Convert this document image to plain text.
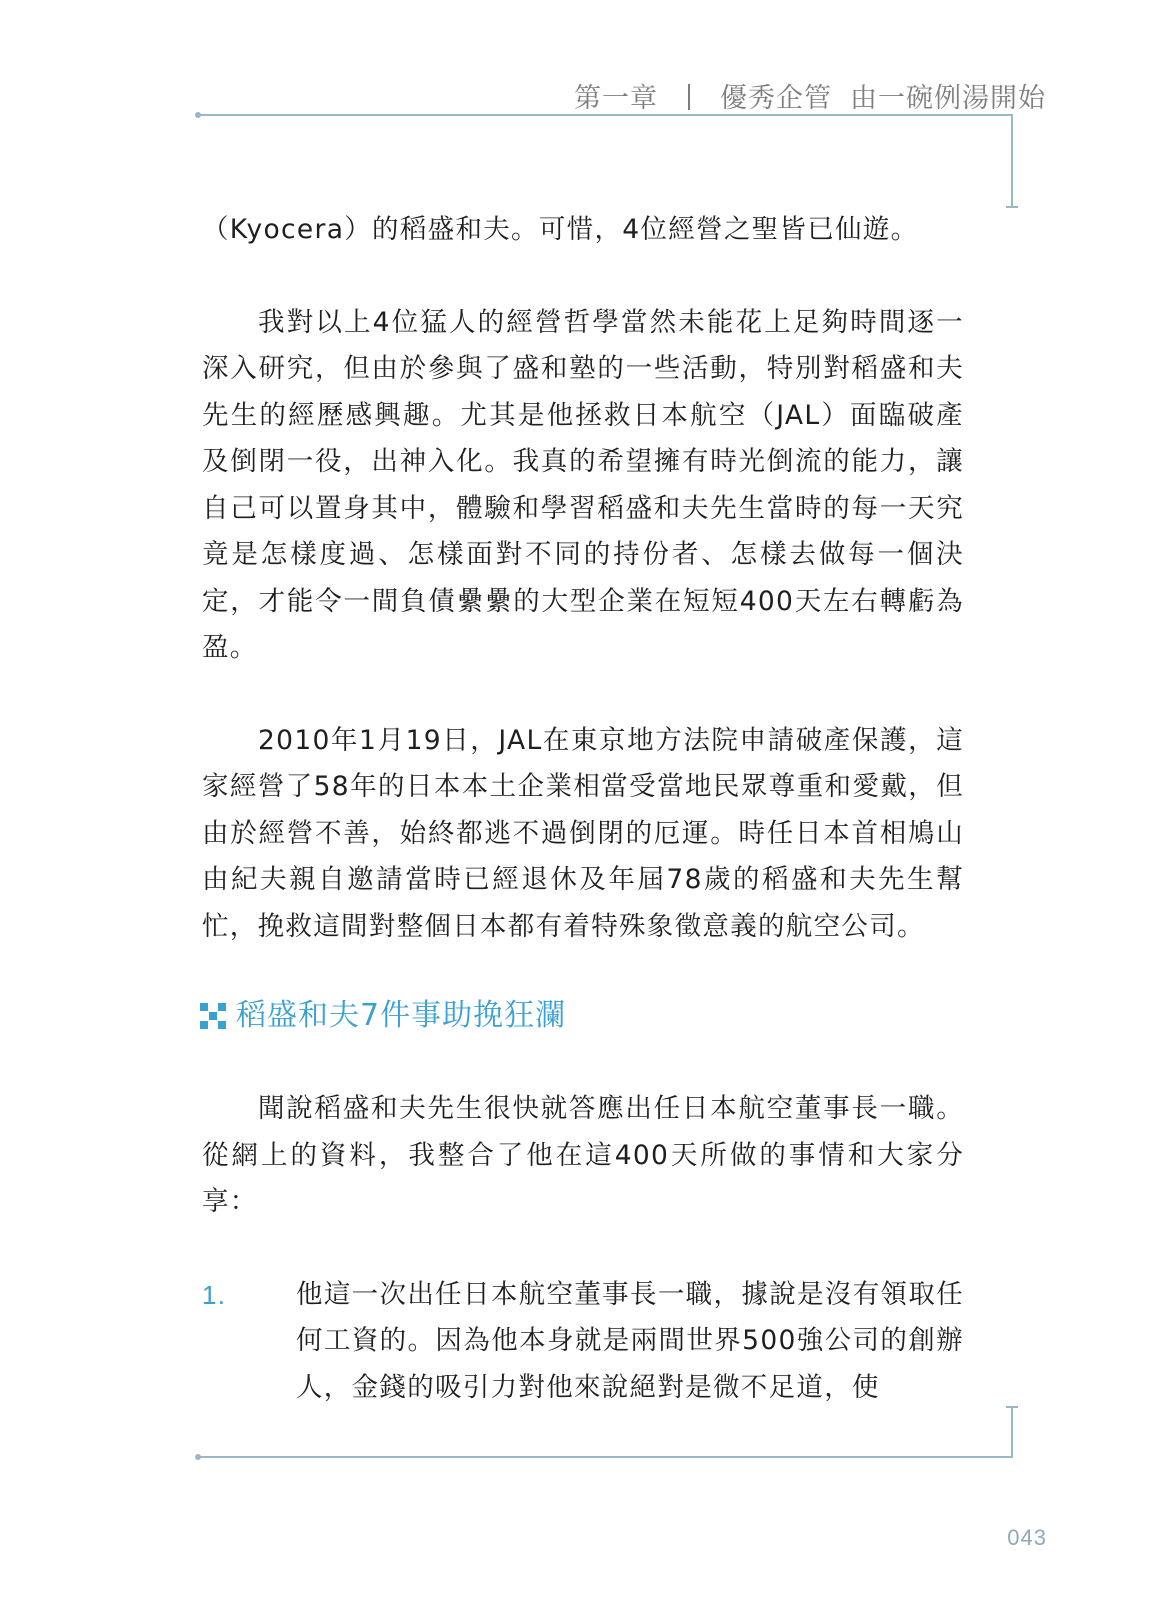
第一章 優秀企管 由一碗例湯開始

（Kyocera）的稻盛和夫。可惜，4位經營之聖皆已仙遊。

我對以上4位猛人的經營哲學當然未能花上足夠時間逐一深入研究，但由於參與了盛和塾的一些活動，特別對稻盛和夫先生的經歷感興趣。尤其是他拯救日本航空（JAL）面臨破產及倒閉一役，出神入化。我真的希望擁有時光倒流的能力，讓自己可以置身其中，體驗和學習稻盛和夫先生當時的每一天究竟是怎樣度過、怎樣面對不同的持份者、怎樣去做每一個決定，才能令一間負債纍纍的大型企業在短短400天左右轉虧為盈。

2010年1月19日，JAL在東京地方法院申請破產保護，這家經營了58年的日本本土企業相當受當地民眾尊重和愛戴，但由於經營不善，始終都逃不過倒閉的厄運。時任日本首相鳩山由紀夫親自邀請當時已經退休及年屆78歲的稻盛和夫先生幫忙，挽救這間對整個日本都有着特殊象徵意義的航空公司。

稻盛和夫7件事助挽狂瀾

聞說稻盛和夫先生很快就答應出任日本航空董事長一職。從網上的資料，我整合了他在這400天所做的事情和大家分享：

1.	他這一次出任日本航空董事長一職，據說是沒有領取任何工資的。因為他本身就是兩間世界500強公司的創辦人，金錢的吸引力對他來說絕對是微不足道，使
043
